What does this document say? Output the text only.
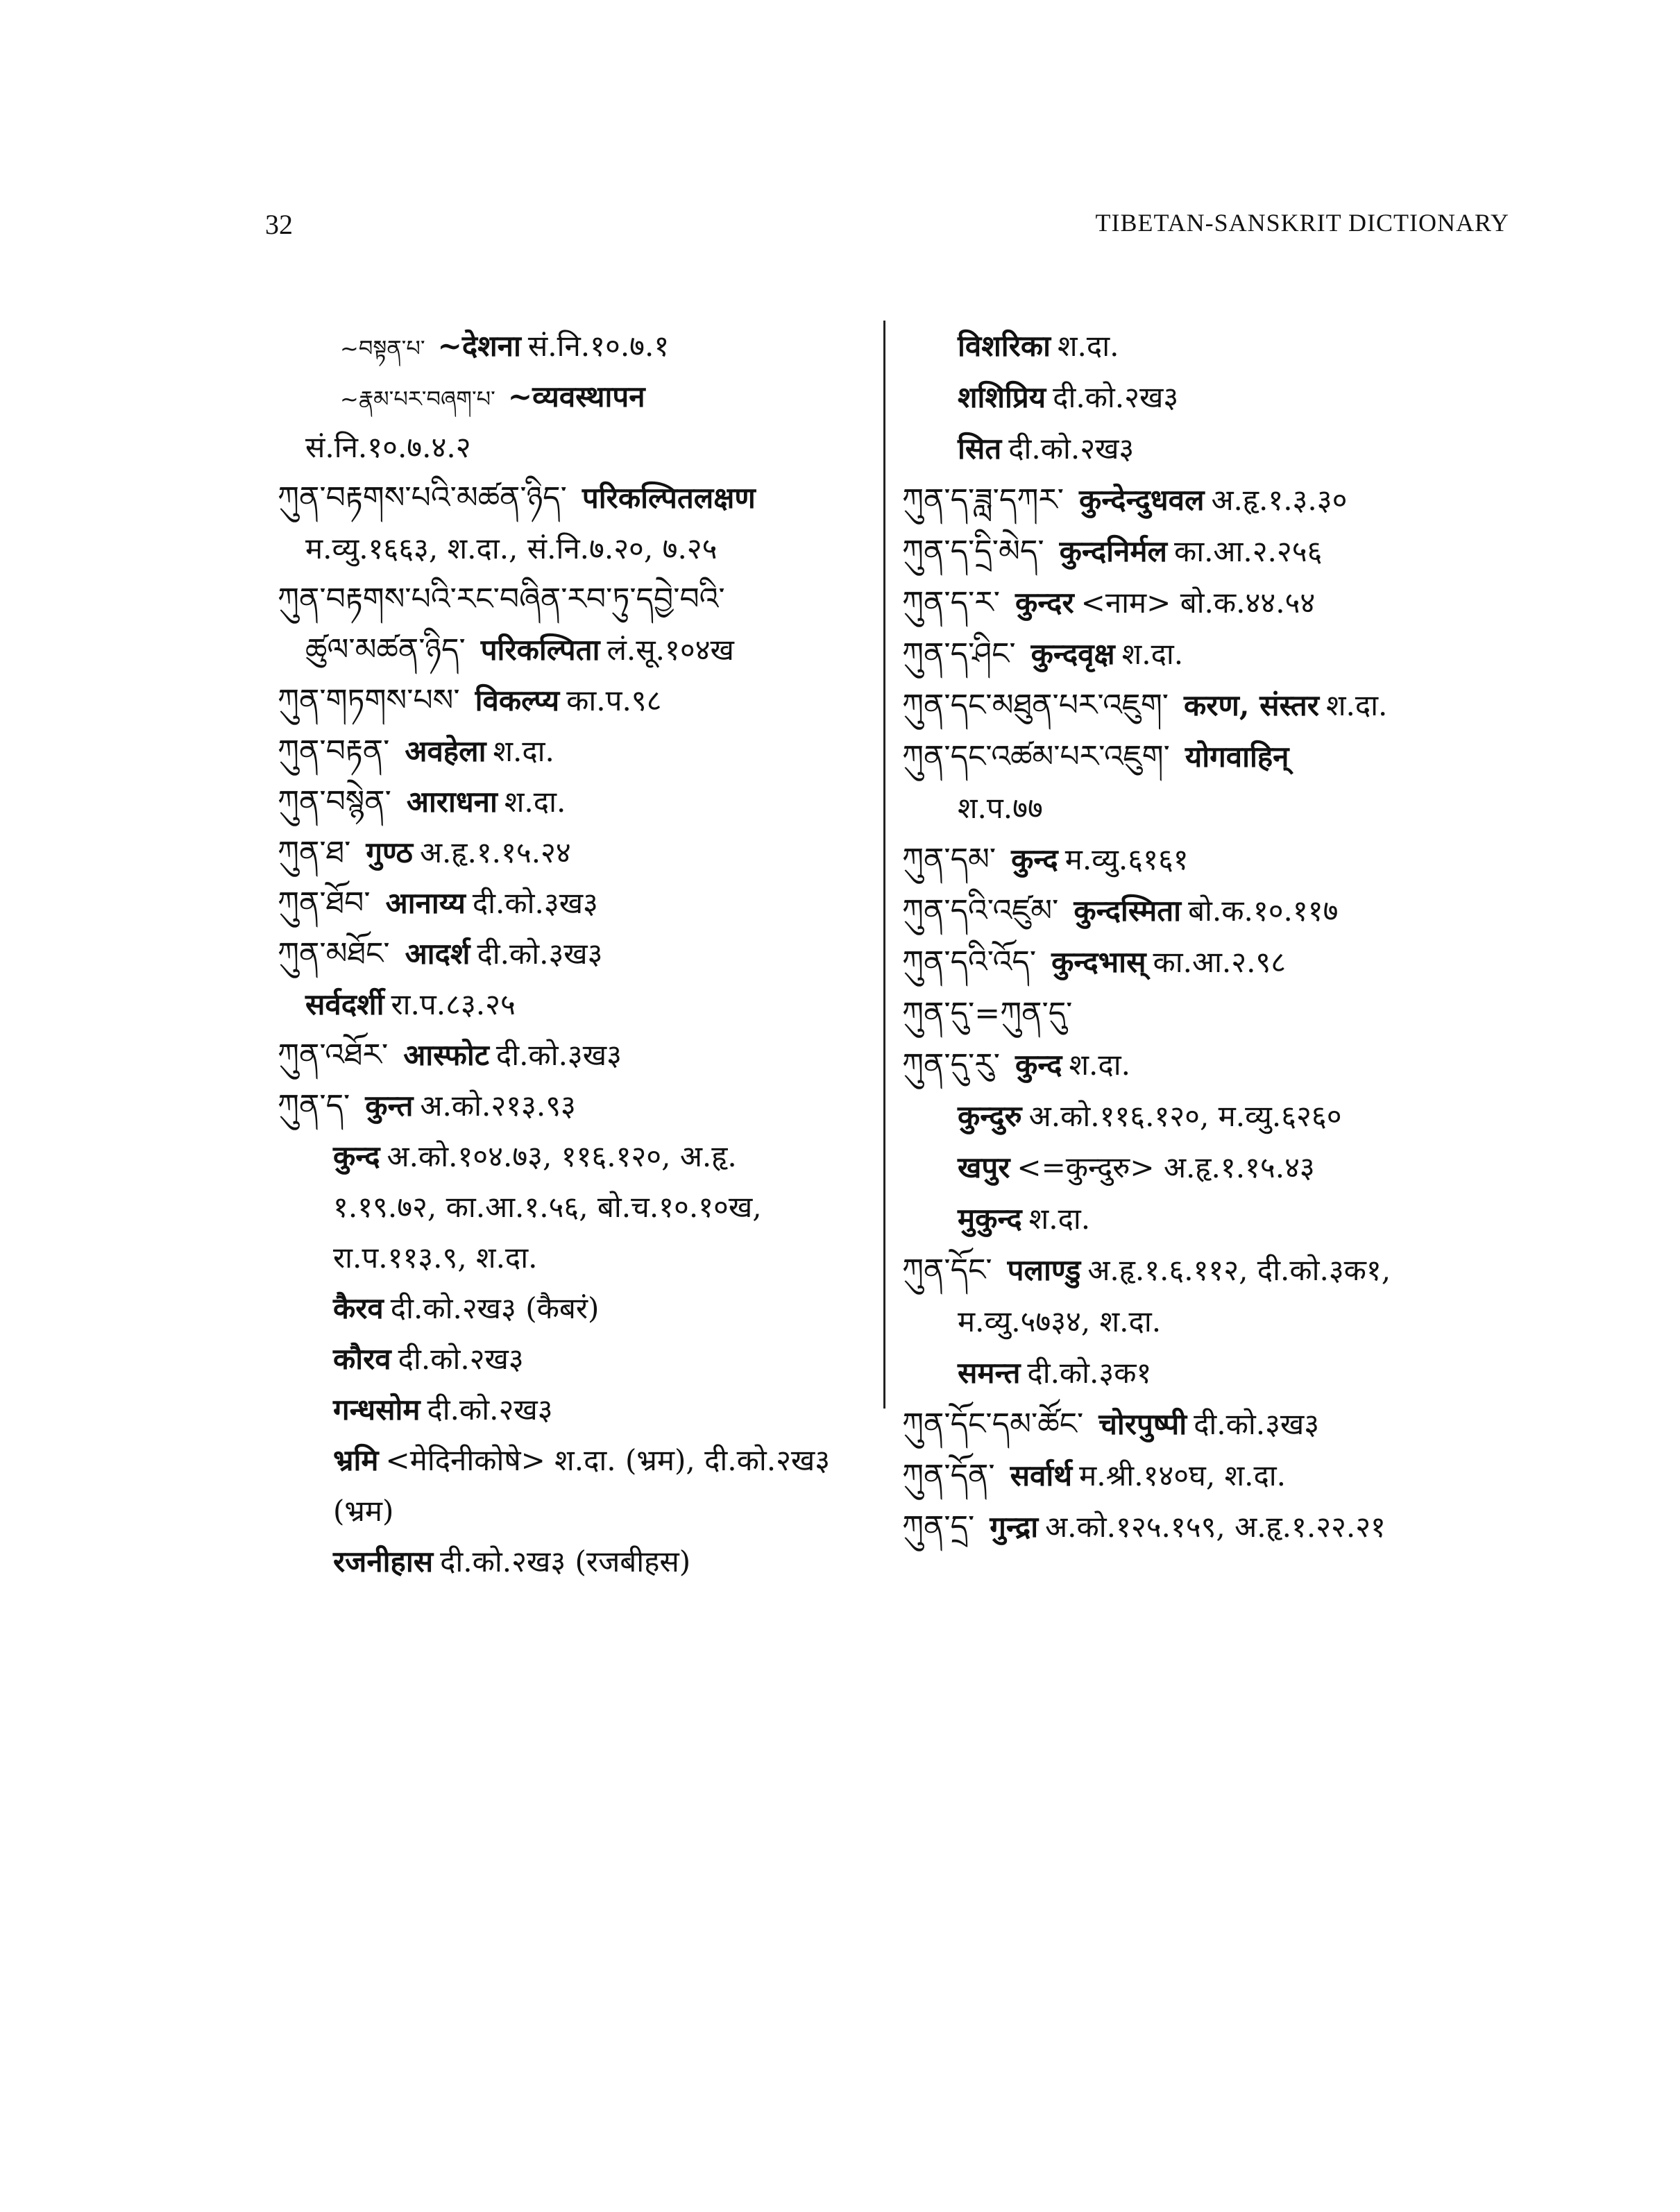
32	TIBETAN-SANSKRIT DICTIONARY
~བསྟན་པ་ ~देशना सं.नि.१०.७.१
~རྣམ་པར་བཞག་པ་ ~व्यवस्थापन
सं.नि.१०.७.४.२
ཀུན་བརྟགས་པའི་མཚན་ཉིད་ परिकल्पितलक्षण
म.व्यु.१६६३, श.दा., सं.नि.७.२०, ७.२५
ཀུན་བརྟགས་པའི་རང་བཞིན་རབ་ཏུ་དབྱེ་བའི་
ཚུལ་མཚན་ཉིད་ परिकल्पिता लं.सू.१०४ख
ཀུན་གཏགས་པས་ विकल्प्य का.प.९८
ཀུན་བརྟན་ अवहेला श.दा.
ཀུན་བསྙེན་ आराधना श.दा.
ཀུན་ཐ་ गुण्ठ अ.हृ.१.१५.२४
ཀུན་ཐོབ་ आनाय्य दी.को.३ख३
ཀུན་མཐོང་ आदर्श दी.को.३ख३
सर्वदर्शी रा.प.८३.२५
ཀུན་འཐོར་ आस्फोट दी.को.३ख३
ཀུན་ད་ कुन्त अ.को.२१३.९३
कुन्द अ.को.१०४.७३, ११६.१२०, अ.हृ.
१.१९.७२, का.आ.१.५६, बो.च.१०.१०ख,
रा.प.११३.९, श.दा.
कैरव दी.को.२ख३ (कैबरं)
कौरव दी.को.२ख३
गन्धसोम दी.को.२ख३
भ्रमि <मेदिनीकोषे> श.दा. (भ्रम), दी.को.२ख३
(भ्रम)
रजनीहास दी.को.२ख३ (रजबीहस)
विशरिका श.दा.
शशिप्रिय दी.को.२ख३
सित दी.को.२ख३
ཀུན་ད་ཟླ་དཀར་ कुन्देन्दुधवल अ.हृ.१.३.३०
ཀུན་ད་དྲི་མེད་ कुन्दनिर्मल का.आ.२.२५६
ཀུན་ད་ར་ कुन्दर <नाम> बो.क.४४.५४
ཀུན་ད་ཤིང་ कुन्दवृक्ष श.दा.
ཀུན་དང་མཐུན་པར་འཇུག་ करण, संस्तर श.दा.
ཀུན་དང་འཚམ་པར་འཇུག་ योगवाहिन्
श.प.७७
ཀུན་དམ་ कुन्द म.व्यु.६१६१
ཀུན་དའི་འཛུམ་ कुन्दस्मिता बो.क.१०.११७
ཀུན་དའི་འོད་ कुन्दभास् का.आ.२.९८
ཀུན་དུ་=ཀུན་དུ་
ཀུན་དུ་རུ་ कुन्द श.दा.
कुन्दुरु अ.को.११६.१२०, म.व्यु.६२६०
खपुर <=कुन्दुरु> अ.हृ.१.१५.४३
मुकुन्द श.दा.
ཀུན་དོང་ पलाण्डु अ.हृ.१.६.११२, दी.को.३क१,
म.व्यु.५७३४, श.दा.
समन्त दी.को.३क१
ཀུན་དོང་དམ་ཚོང་ चोरपुष्पी दी.को.३ख३
ཀུན་དོན་ सर्वार्थ म.श्री.१४०घ, श.दा.
ཀུན་དྲ་ गुन्द्रा अ.को.१२५.१५९, अ.हृ.१.२२.२१
